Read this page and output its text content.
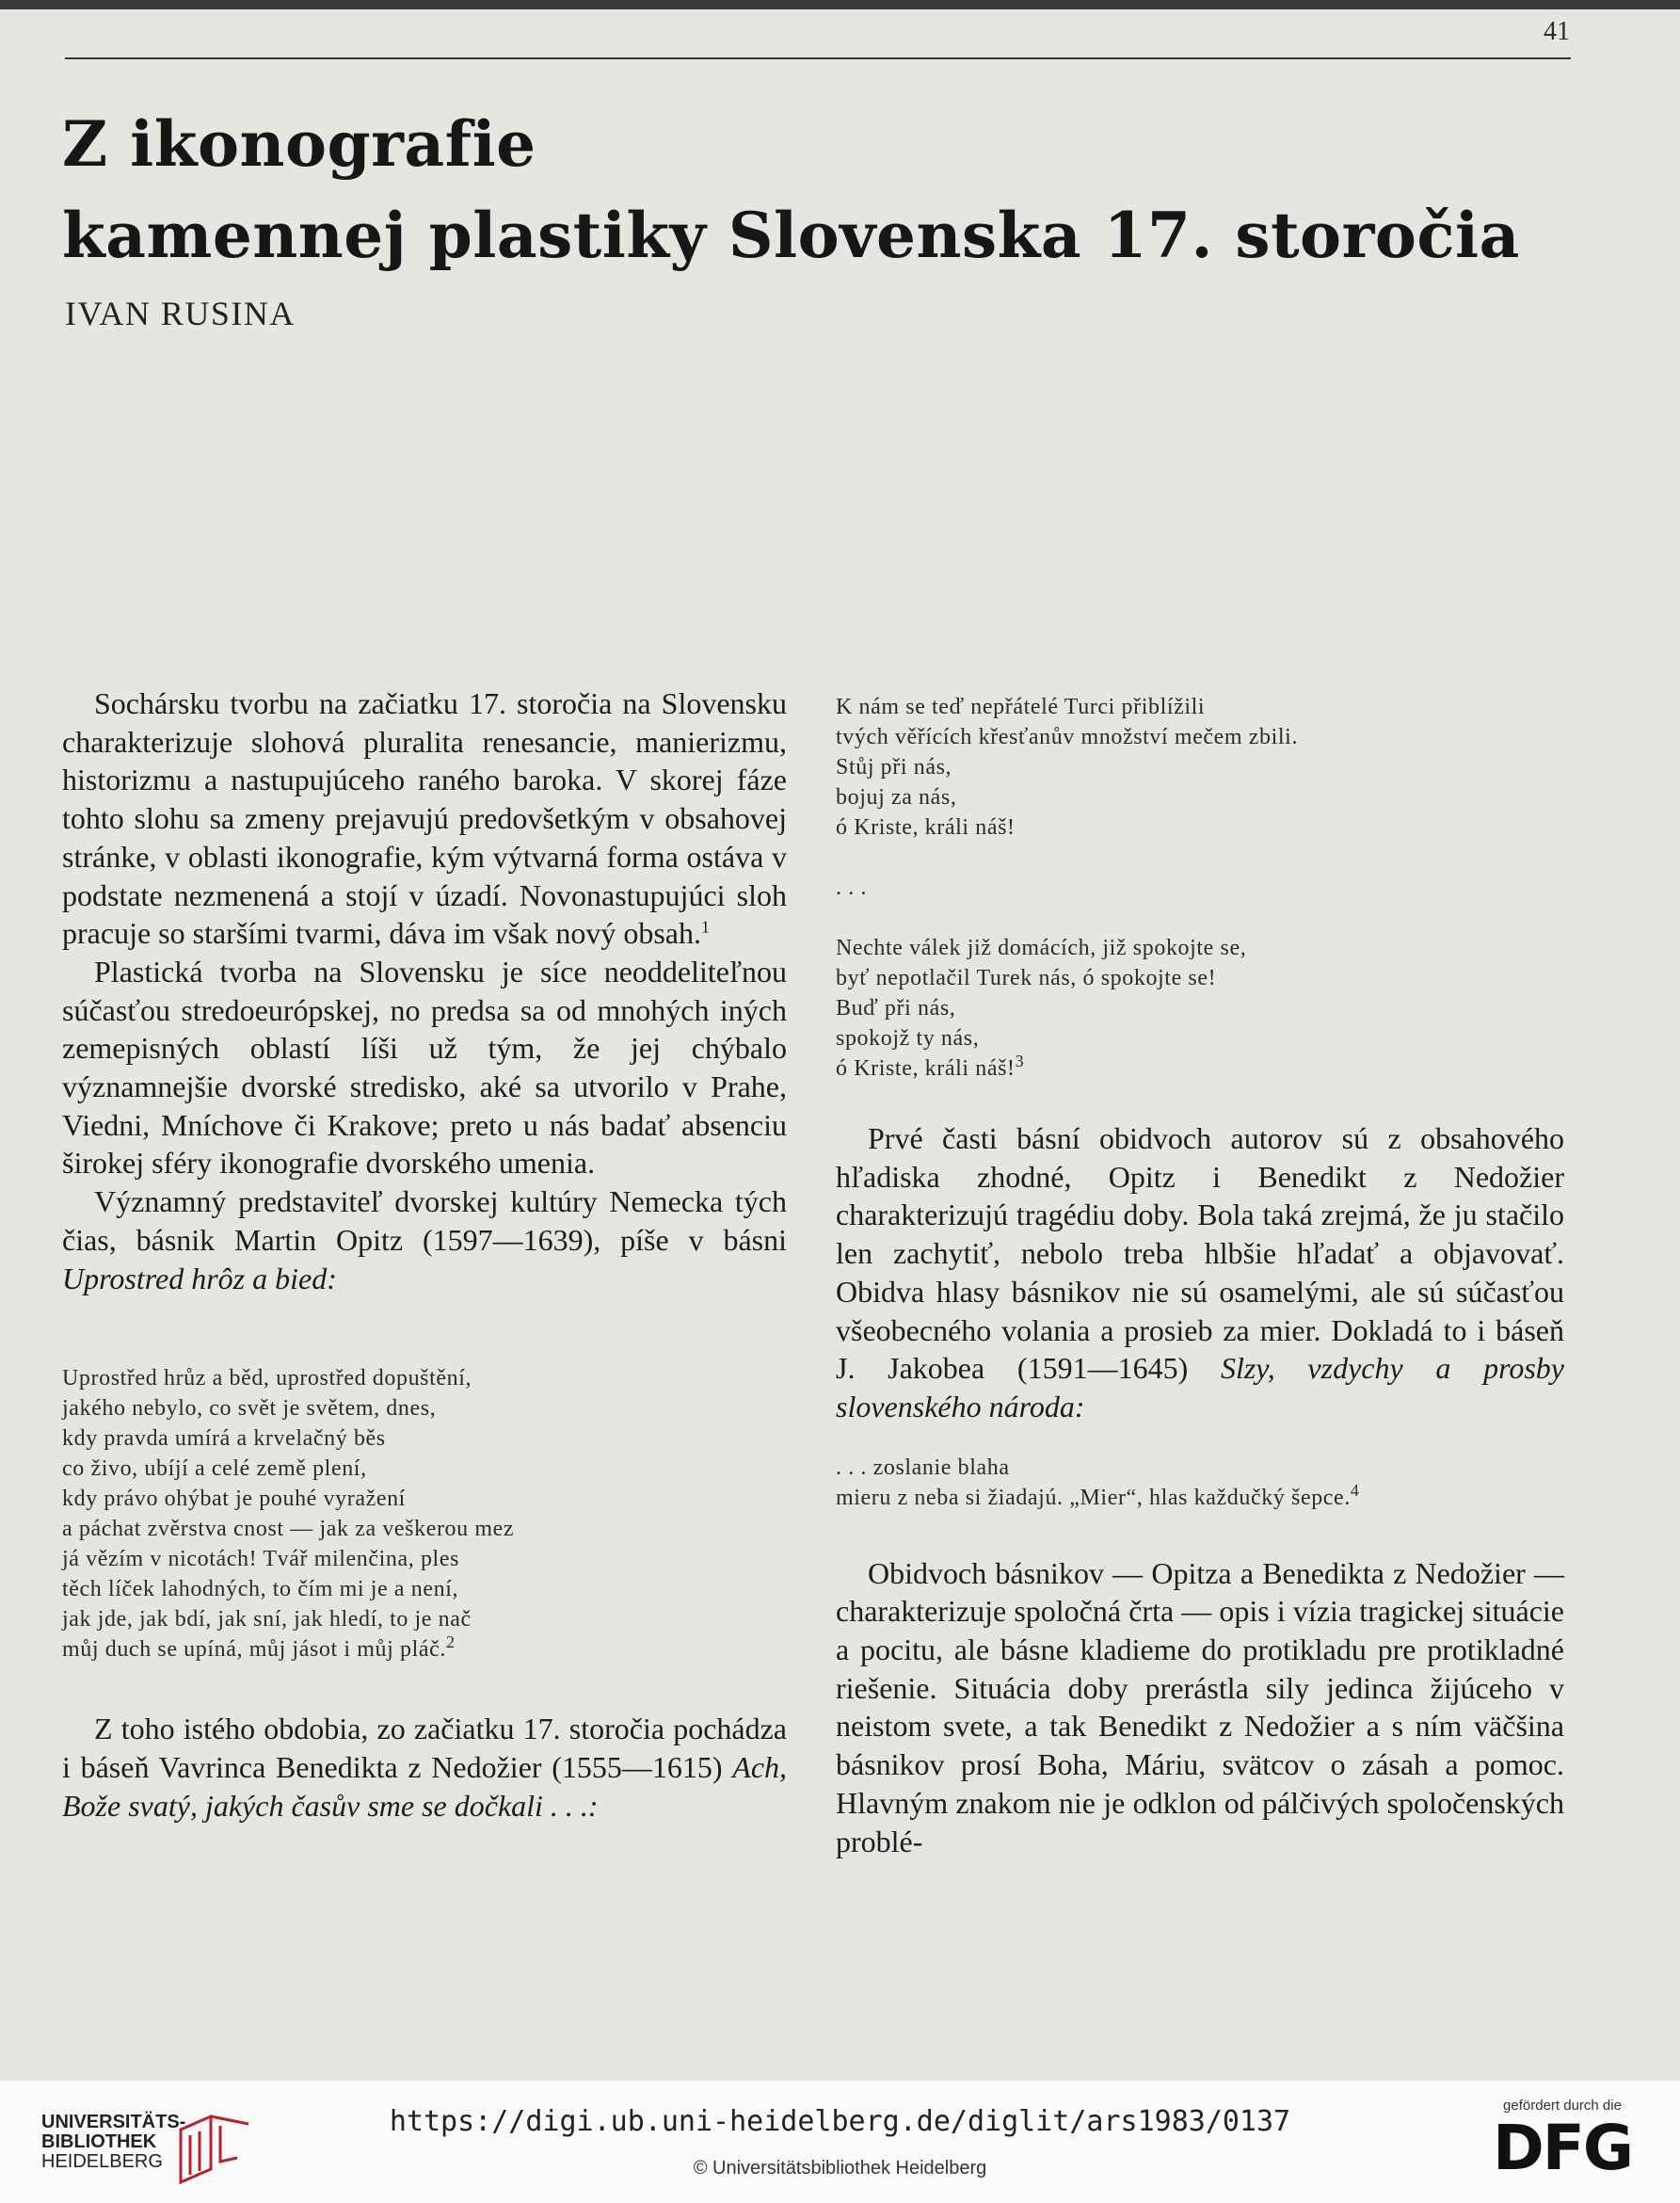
41
Z ikonografie
kamennej plastiky Slovenska 17. storočia
IVAN RUSINA

Sochársku tvorbu na začiatku 17. storočia na Slovensku charakterizuje slohová pluralita renesancie, manierizmu, historizmu a nastupujúceho raného baroka. V skorej fáze tohto slohu sa zmeny prejavujú predovšetkým v obsahovej stránke, v oblasti ikonografie, kým výtvarná forma ostáva v podstate nezmenená a stojí v úzadí. Novonastupujúci sloh pracuje so staršími tvarmi, dáva im však nový obsah.$^1$

Plastická tvorba na Slovensku je síce neoddeliteľnou súčasťou stredoeurópskej, no predsa sa od mnohých iných zemepisných oblastí líši už tým, že jej chýbalo významnejšie dvorské stredisko, aké sa utvorilo v Prahe, Viedni, Mníchove či Krakove; preto u nás badať absenciu širokej sféry ikonografie dvorského umenia.

Významný predstaviteľ dvorskej kultúry Nemecka tých čias, básnik Martin Opitz (1597—1639), píše v básni Uprostred hrôz a bied:

Uprostřed hrůz a běd, uprostřed dopuštění,
jakého nebylo, co svět je světem, dnes,
kdy pravda umírá a krvelačný běs
co živo, ubíjí a celé země plení,
kdy právo ohýbat je pouhé vyražení
a páchat zvěrstva cnost — jak za veškerou mez
já vězím v nicotách! Tvář milenčina, ples
těch líček lahodných, to čím mi je a není,
jak jde, jak bdí, jak sní, jak hledí, to je nač
můj duch se upíná, můj jásot i můj pláč.$^2$

Z toho istého obdobia, zo začiatku 17. storočia pochádza i báseň Vavrinca Benedikta z Nedožier (1555—1615) Ach, Bože svatý, jakých časův sme se dočkali . . .:

K nám se teď nepřátelé Turci přiblížili
tvých věřících křesťanův množství mečem zbili.
Stůj při nás,
bojuj za nás,
ó Kriste, králi náš!
. . .
Nechte válek již domácích, již spokojte se,
byť nepotlačil Turek nás, ó spokojte se!
Buď při nás,
spokojž ty nás,
ó Kriste, králi náš!$^3$

Prvé časti básní obidvoch autorov sú z obsahového hľadiska zhodné, Opitz i Benedikt z Nedožier charakterizujú tragédiu doby. Bola taká zrejmá, že ju stačilo len zachytiť, nebolo treba hlbšie hľadať a objavovať. Obidva hlasy básnikov nie sú osamelými, ale sú súčasťou všeobecného volania a prosieb za mier. Dokladá to i báseň J. Jakobea (1591—1645) Slzy, vzdychy a prosby slovenského národa:

. . . zoslanie blaha
mieru z neba si žiadajú. „Mier“, hlas každučký šepce.$^4$

Obidvoch básnikov — Opitza a Benedikta z Nedožier — charakterizuje spoločná črta — opis i vízia tragickej situácie a pocitu, ale básne kladieme do protikladu pre protikladné riešenie. Situácia doby prerástla sily jedinca žijúceho v neistom svete, a tak Benedikt z Nedožier a s ním väčšina básnikov prosí Boha, Máriu, svätcov o zásah a pomoc. Hlavným znakom nie je odklon od pálčivých spoločenských problé-

UNIVERSITÄTS-
BIBLIOTHEK
HEIDELBERG
https://digi.ub.uni-heidelberg.de/diglit/ars1983/0137
© Universitätsbibliothek Heidelberg
gefördert durch die
DFG
